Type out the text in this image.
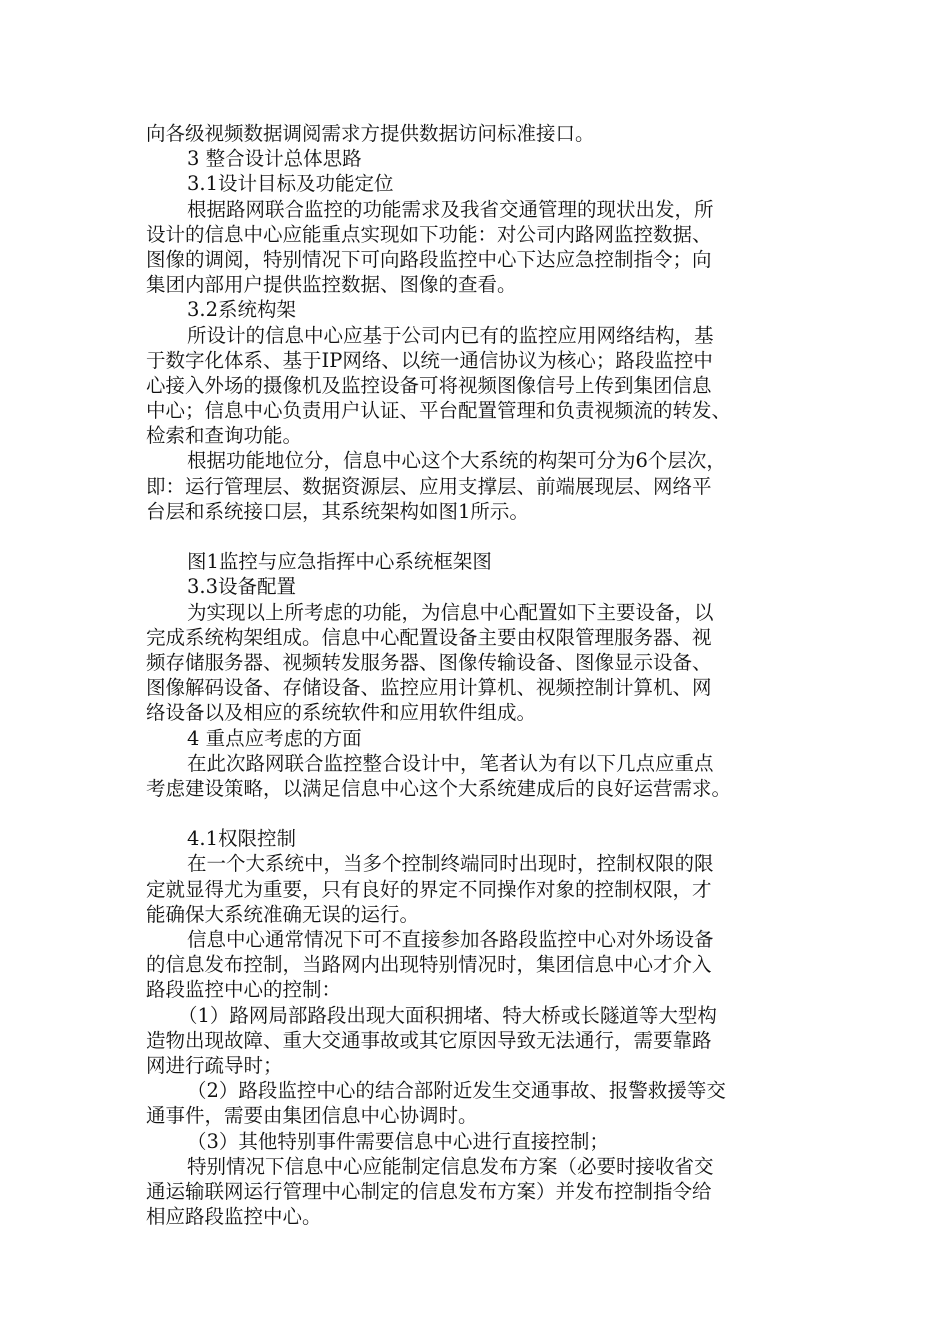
向各级视频数据调阅需求方提供数据访问标准接口。
3 整合设计总体思路
3.1设计目标及功能定位
根据路网联合监控的功能需求及我省交通管理的现状出发，所
设计的信息中心应能重点实现如下功能：对公司内路网监控数据、
图像的调阅，特别情况下可向路段监控中心下达应急控制指令；向
集团内部用户提供监控数据、图像的查看。
3.2系统构架
所设计的信息中心应基于公司内已有的监控应用网络结构，基
于数字化体系、基于IP网络、以统一通信协议为核心；路段监控中
心接入外场的摄像机及监控设备可将视频图像信号上传到集团信息
中心；信息中心负责用户认证、平台配置管理和负责视频流的转发、
检索和查询功能。
根据功能地位分，信息中心这个大系统的构架可分为6个层次，
即：运行管理层、数据资源层、应用支撑层、前端展现层、网络平
台层和系统接口层，其系统架构如图1所示。
图1监控与应急指挥中心系统框架图
3.3设备配置
为实现以上所考虑的功能，为信息中心配置如下主要设备，以
完成系统构架组成。信息中心配置设备主要由权限管理服务器、视
频存储服务器、视频转发服务器、图像传输设备、图像显示设备、
图像解码设备、存储设备、监控应用计算机、视频控制计算机、网
络设备以及相应的系统软件和应用软件组成。
4 重点应考虑的方面
在此次路网联合监控整合设计中，笔者认为有以下几点应重点
考虑建设策略，以满足信息中心这个大系统建成后的良好运营需求。
4.1权限控制
在一个大系统中，当多个控制终端同时出现时，控制权限的限
定就显得尤为重要，只有良好的界定不同操作对象的控制权限，才
能确保大系统准确无误的运行。
信息中心通常情况下可不直接参加各路段监控中心对外场设备
的信息发布控制，当路网内出现特别情况时，集团信息中心才介入
路段监控中心的控制：
（1）路网局部路段出现大面积拥堵、特大桥或长隧道等大型构
造物出现故障、重大交通事故或其它原因导致无法通行，需要靠路
网进行疏导时；
（2）路段监控中心的结合部附近发生交通事故、报警救援等交
通事件，需要由集团信息中心协调时。
（3）其他特别事件需要信息中心进行直接控制；
特别情况下信息中心应能制定信息发布方案（必要时接收省交
通运输联网运行管理中心制定的信息发布方案）并发布控制指令给
相应路段监控中心。
